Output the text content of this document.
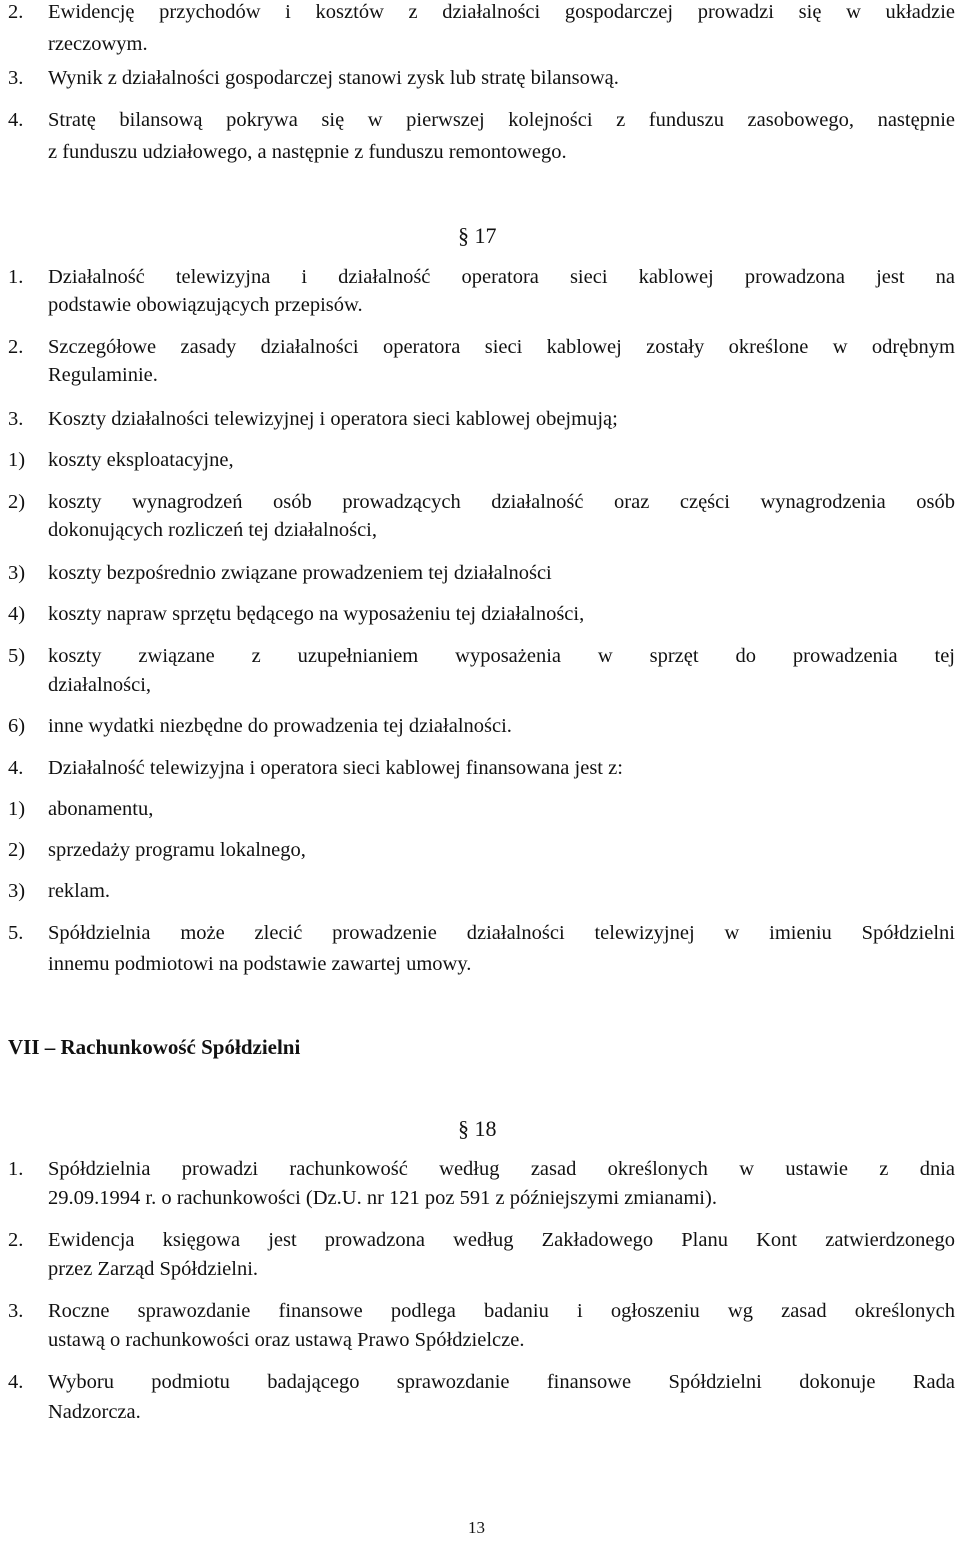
2. Ewidencję przychodów i kosztów z działalności gospodarczej prowadzi się w układzie
rzeczowym.
3. Wynik z działalności gospodarczej stanowi zysk lub stratę bilansową.
4. Stratę bilansową pokrywa się w pierwszej kolejności z funduszu zasobowego, następnie
z funduszu udziałowego, a następnie z funduszu remontowego.
§ 17
1. Działalność telewizyjna i działalność operatora sieci kablowej prowadzona jest na
podstawie obowiązujących przepisów.
2. Szczegółowe zasady działalności operatora sieci kablowej zostały określone w odrębnym
Regulaminie.
3. Koszty działalności telewizyjnej i operatora sieci kablowej obejmują;
1) koszty eksploatacyjne,
2) koszty wynagrodzeń osób prowadzących działalność oraz części wynagrodzenia osób
dokonujących rozliczeń tej działalności,
3) koszty bezpośrednio związane prowadzeniem tej działalności
4) koszty napraw sprzętu będącego na wyposażeniu tej działalności,
5) koszty związane z uzupełnianiem wyposażenia w sprzęt do prowadzenia tej
działalności,
6) inne wydatki niezbędne do prowadzenia tej działalności.
4. Działalność telewizyjna i operatora sieci kablowej finansowana jest z:
1) abonamentu,
2) sprzedaży programu lokalnego,
3) reklam.
5. Spółdzielnia może zlecić prowadzenie działalności telewizyjnej w imieniu Spółdzielni
innemu podmiotowi na podstawie zawartej umowy.
VII – Rachunkowość Spółdzielni
§ 18
1. Spółdzielnia prowadzi rachunkowość według zasad określonych w ustawie z dnia
29.09.1994 r. o rachunkowości (Dz.U. nr 121 poz 591 z późniejszymi zmianami).
2. Ewidencja księgowa jest prowadzona według Zakładowego Planu Kont zatwierdzonego
przez Zarząd Spółdzielni.
3. Roczne sprawozdanie finansowe podlega badaniu i ogłoszeniu wg zasad określonych
ustawą o rachunkowości oraz ustawą Prawo Spółdzielcze.
4. Wyboru podmiotu badającego sprawozdanie finansowe Spółdzielni dokonuje Rada
Nadzorcza.
13
